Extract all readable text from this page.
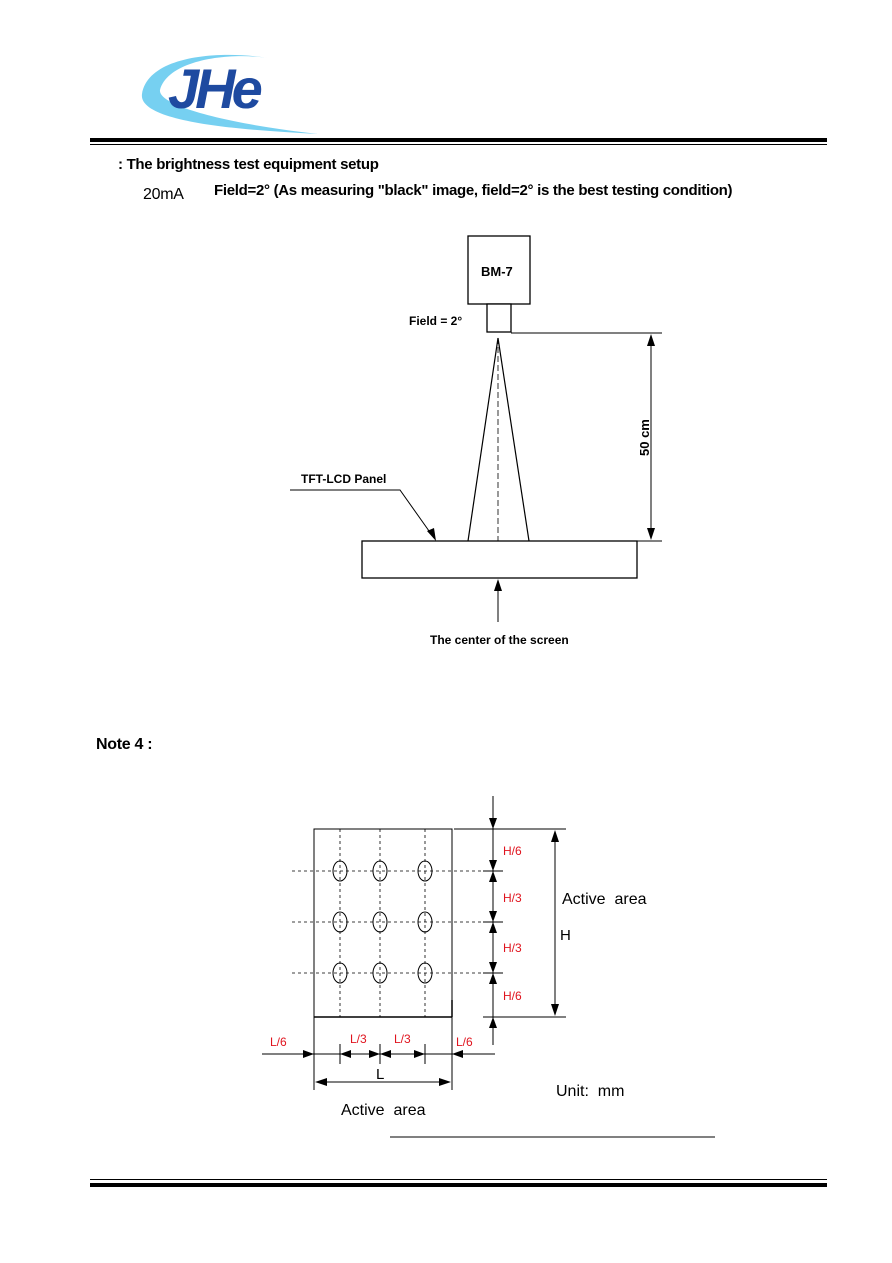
JHe
: The brightness test equipment setup
20mA Field=2° (As measuring "black" image, field=2° is the best testing condition)
BM-7
Field = 2°
50 cm
TFT-LCD Panel
The center of the screen
Note 4 :
H/6
H/3
H/3
H/6
H
Active  area
L/6	L/3 L/3	L/6
L
Active  area
Unit:  mm
